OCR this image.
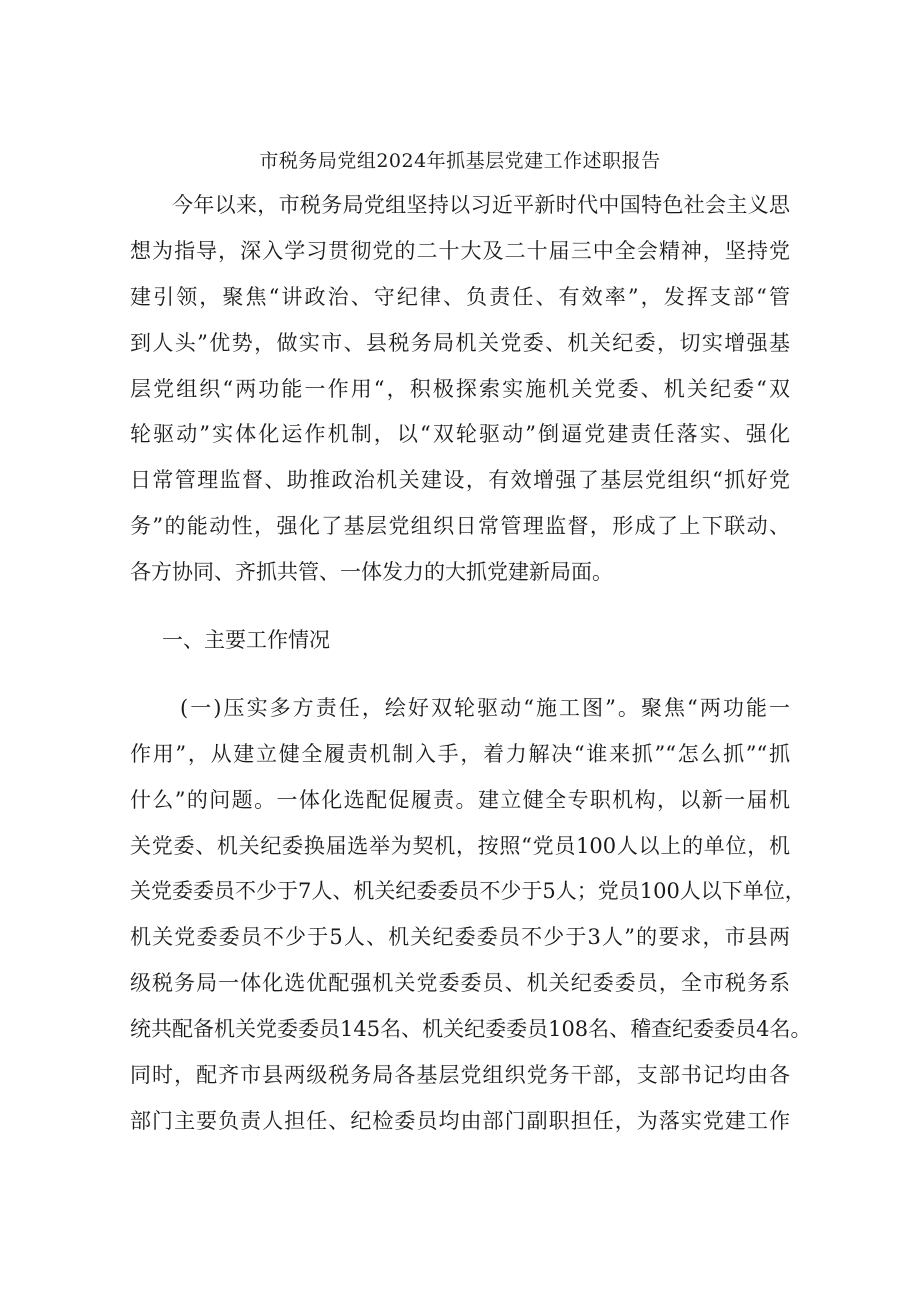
市税务局党组2024年抓基层党建工作述职报告
今年以来，市税务局党组坚持以习近平新时代中国特色社会主义思
想为指导，深入学习贯彻党的二十大及二十届三中全会精神，坚持党
建引领，聚焦“讲政治、守纪律、负责任、有效率”，发挥支部“管
到人头”优势，做实市、县税务局机关党委、机关纪委，切实增强基
层党组织“两功能一作用“，积极探索实施机关党委、机关纪委“双
轮驱动”实体化运作机制，以“双轮驱动”倒逼党建责任落实、强化
日常管理监督、助推政治机关建设，有效增强了基层党组织“抓好党
务”的能动性，强化了基层党组织日常管理监督，形成了上下联动、
各方协同、齐抓共管、一体发力的大抓党建新局面。
一、主要工作情况
(一)压实多方责任，绘好双轮驱动“施工图”。聚焦“两功能一
作用”，从建立健全履责机制入手，着力解决“谁来抓”“怎么抓”“抓
什么”的问题。一体化选配促履责。建立健全专职机构，以新一届机
关党委、机关纪委换届选举为契机，按照“党员100人以上的单位，机
关党委委员不少于7人、机关纪委委员不少于5人；党员100人以下单位，
机关党委委员不少于5人、机关纪委委员不少于3人”的要求，市县两
级税务局一体化选优配强机关党委委员、机关纪委委员，全市税务系
统共配备机关党委委员145名、机关纪委委员108名、稽查纪委委员4名。
同时，配齐市县两级税务局各基层党组织党务干部，支部书记均由各
部门主要负责人担任、纪检委员均由部门副职担任，为落实党建工作
